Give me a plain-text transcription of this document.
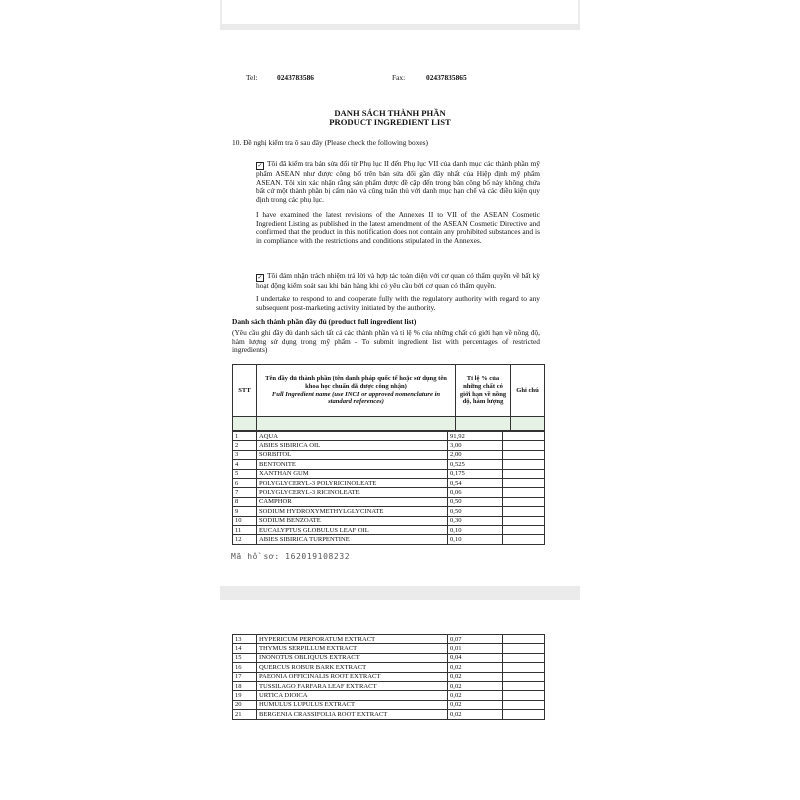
Tel:	0243783586	Fax:	02437835865
DANH SÁCH THÀNH PHẦN
PRODUCT INGREDIENT LIST
10. Đề nghị kiểm tra ô sau đây (Please check the following boxes)
✓ Tôi đã kiểm tra bản sửa đổi từ Phụ lục II đến Phụ lục VII của danh mục các thành phần mỹ phẩm ASEAN như được công bố trên bản sửa đổi gần đây nhất của Hiệp định mỹ phẩm ASEAN. Tôi xin xác nhận rằng sản phẩm được đề cập đến trong bản công bố này không chứa bất cứ một thành phần bị cấm nào và cũng tuân thủ với danh mục hạn chế và các điều kiện quy định trong các phụ lục.
I have examined the latest revisions of the Annexes II to VII of the ASEAN Cosmetic Ingredient Listing as published in the latest amendment of the ASEAN Cosmetic Directive and confirmed that the product in this notification does not contain any prohibited substances and is in compliance with the restrictions and conditions stipulated in the Annexes.
✓ Tôi đảm nhận trách nhiệm trả lời và hợp tác toàn diện với cơ quan có thẩm quyền về bất kỳ hoạt động kiểm soát sau khi bán hàng khi có yêu cầu bởi cơ quan có thẩm quyền.
I undertake to respond to and cooperate fully with the regulatory authority with regard to any subsequent post-marketing activity initiated by the authority.
Danh sách thành phần đầy đủ (product full ingredient list)
(Yêu cầu ghi đầy đủ danh sách tất cả các thành phần và tỉ lệ % của những chất có giới hạn về nồng độ, hàm lượng sử dụng trong mỹ phẩm - To submit ingredient list with percentages of restricted ingredients)
STT	Tên đầy đủ thành phần (tên danh pháp quốc tế hoặc sử dụng tên khoa học chuẩn đã được công nhận)
Full Ingredient name (use INCI or approved nomenclature in standard references)	Tỉ lệ % của những chất có giới hạn về nồng độ, hàm lượng	Ghi chú

1	AQUA	91,92	
2	ABIES SIBIRICA OIL	3,00	
3	SORBITOL	2,00	
4	BENTONITE	0,525	
5	XANTHAN GUM	0,175	
6	POLYGLYCERYL-3 POLYRICINOLEATE	0,54	
7	POLYGLYCERYL-3 RICINOLEATE	0,06	
8	CAMPHOR	0,50	
9	SODIUM HYDROXYMETHYLGLYCINATE	0,50	
10	SODIUM BENZOATE	0,30	
11	EUCALYPTUS GLOBULUS LEAF OIL	0,10	
12	ABIES SIBIRICA TURPENTINE	0,10	
Mã hồ sơ: 162019108232
13	HYPERICUM PERFORATUM EXTRACT	0,07	
14	THYMUS SERPILLUM EXTRACT	0,01	
15	INONOTUS OBLIQUUS EXTRACT	0,04	
16	QUERCUS ROBUR BARK EXTRACT	0,02	
17	PAEONIA OFFICINALIS ROOT EXTRACT	0,02	
18	TUSSILAGO FARFARA LEAF EXTRACT	0,02	
19	URTICA DIOICA	0,02	
20	HUMULUS LUPULUS EXTRACT	0,02	
21	BERGENIA CRASSIFOLIA ROOT EXTRACT	0,02	
